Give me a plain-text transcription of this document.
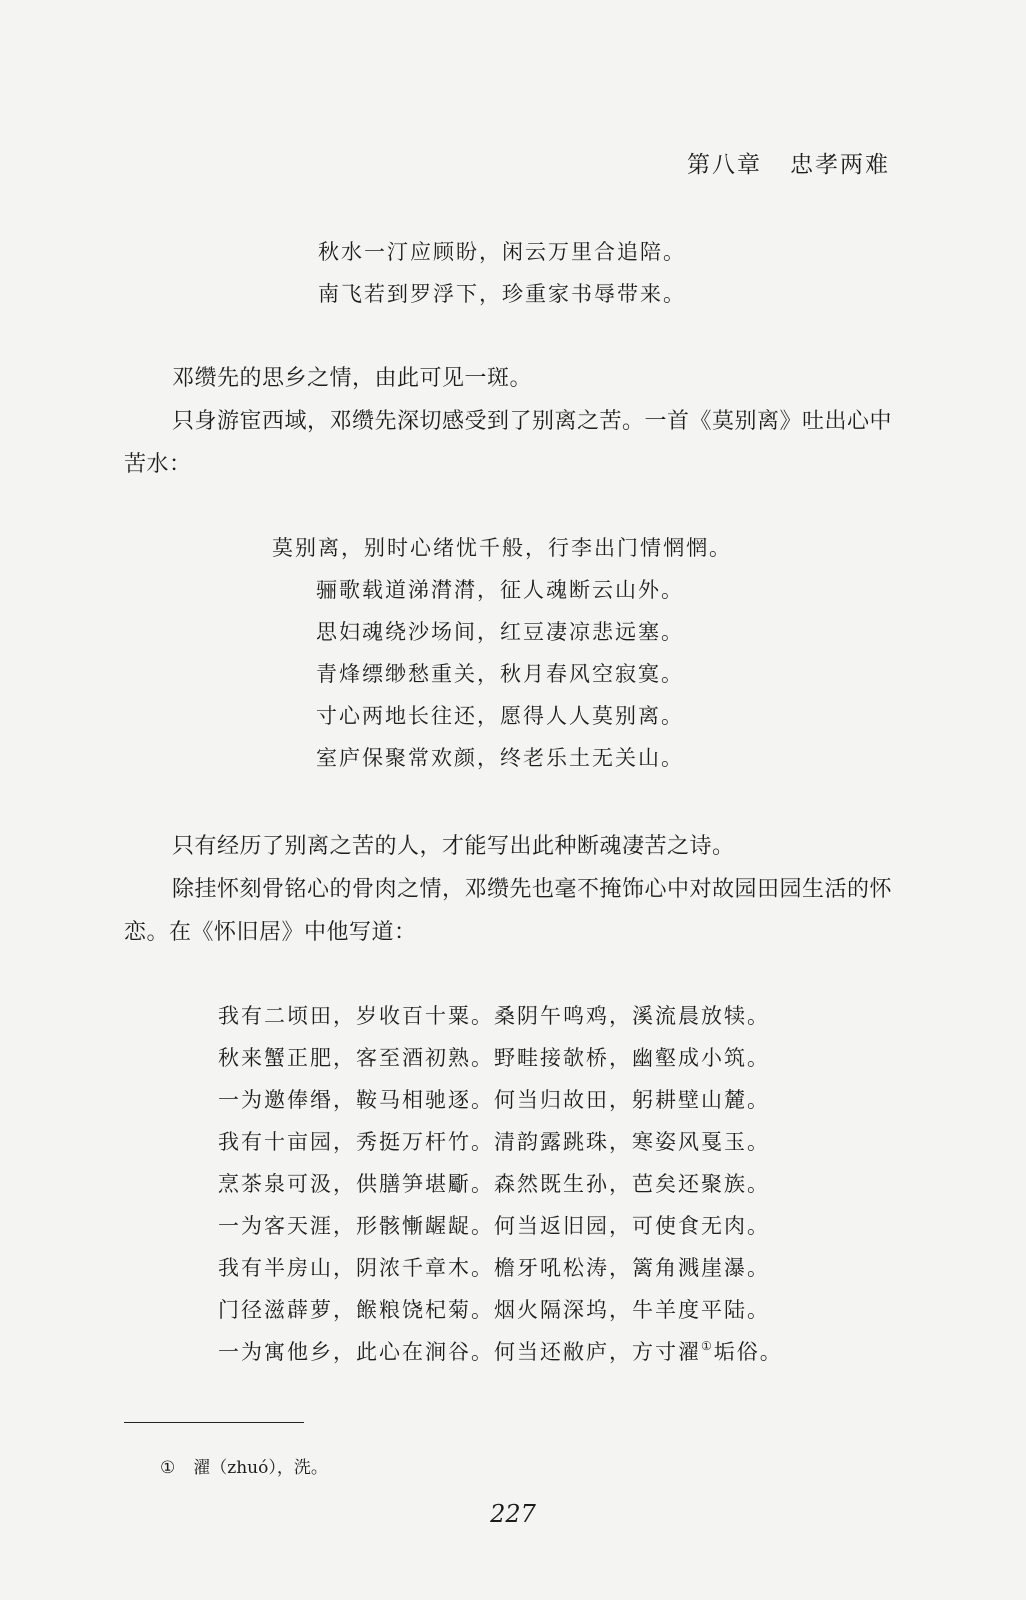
第八章 忠孝两难
秋水一汀应顾盼，闲云万里合追陪。
南飞若到罗浮下，珍重家书辱带来。

邓缵先的思乡之情，由此可见一斑。

只身游宦西域，邓缵先深切感受到了别离之苦。一首《莫别离》吐出心中苦水：

莫别离，别时心绪忧千般，行李出门情惘惘。
骊歌载道涕潸潸，征人魂断云山外。
思妇魂绕沙场间，红豆凄凉悲远塞。
青烽缥缈愁重关，秋月春风空寂寞。
寸心两地长往还，愿得人人莫别离。
室庐保聚常欢颜，终老乐土无关山。

只有经历了别离之苦的人，才能写出此种断魂凄苦之诗。

除挂怀刻骨铭心的骨肉之情，邓缵先也毫不掩饰心中对故园田园生活的怀恋。在《怀旧居》中他写道：

我有二顷田，岁收百十粟。桑阴午鸣鸡，溪流晨放犊。
秋来蟹正肥，客至酒初熟。野畦接欹桥，幽壑成小筑。
一为邀俸缗，鞍马相驰逐。何当归故田，躬耕壁山麓。
我有十亩园，秀挺万杆竹。清韵露跳珠，寒姿风戛玉。
烹茶泉可汲，供膳笋堪斸。森然既生孙，芭矣还聚族。
一为客天涯，形骸慚龌龊。何当返旧园，可使食无肉。
我有半房山，阴浓千章木。檐牙吼松涛，篱角溅崖瀑。
门径滋薜萝，餱粮饶杞菊。烟火隔深坞，牛羊度平陆。
一为寓他乡，此心在涧谷。何当还敝庐，方寸濯①垢俗。
① 濯（zhuó），洗。
227
